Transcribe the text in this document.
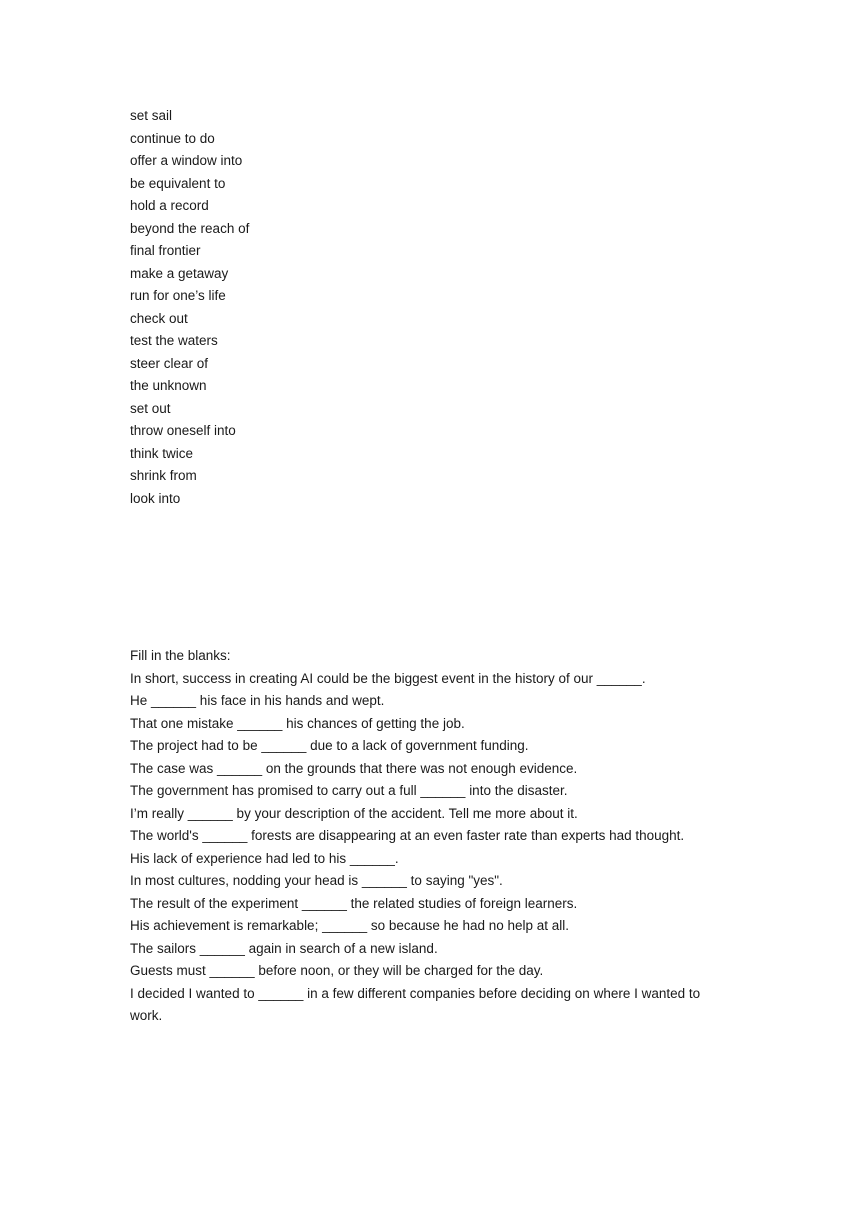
set sail
continue to do
offer a window into
be equivalent to
hold a record
beyond the reach of
final frontier
make a getaway
run for one’s life
check out
test the waters
steer clear of
the unknown
set out
throw oneself into
think twice
shrink from
look into
Fill in the blanks:

In short, success in creating AI could be the biggest event in the history of our ______.

He ______ his face in his hands and wept.

That one mistake ______ his chances of getting the job.

The project had to be ______ due to a lack of government funding.

The case was ______ on the grounds that there was not enough evidence.

The government has promised to carry out a full ______ into the disaster.

I’m really ______ by your description of the accident. Tell me more about it.

The world's ______ forests are disappearing at an even faster rate than experts had thought.

His lack of experience had led to his ______.

In most cultures, nodding your head is ______ to saying "yes".

The result of the experiment ______ the related studies of foreign learners.

His achievement is remarkable; ______ so because he had no help at all.

The sailors ______ again in search of a new island.

Guests must ______ before noon, or they will be charged for the day.

I decided I wanted to ______ in a few different companies before deciding on where I wanted to work.
